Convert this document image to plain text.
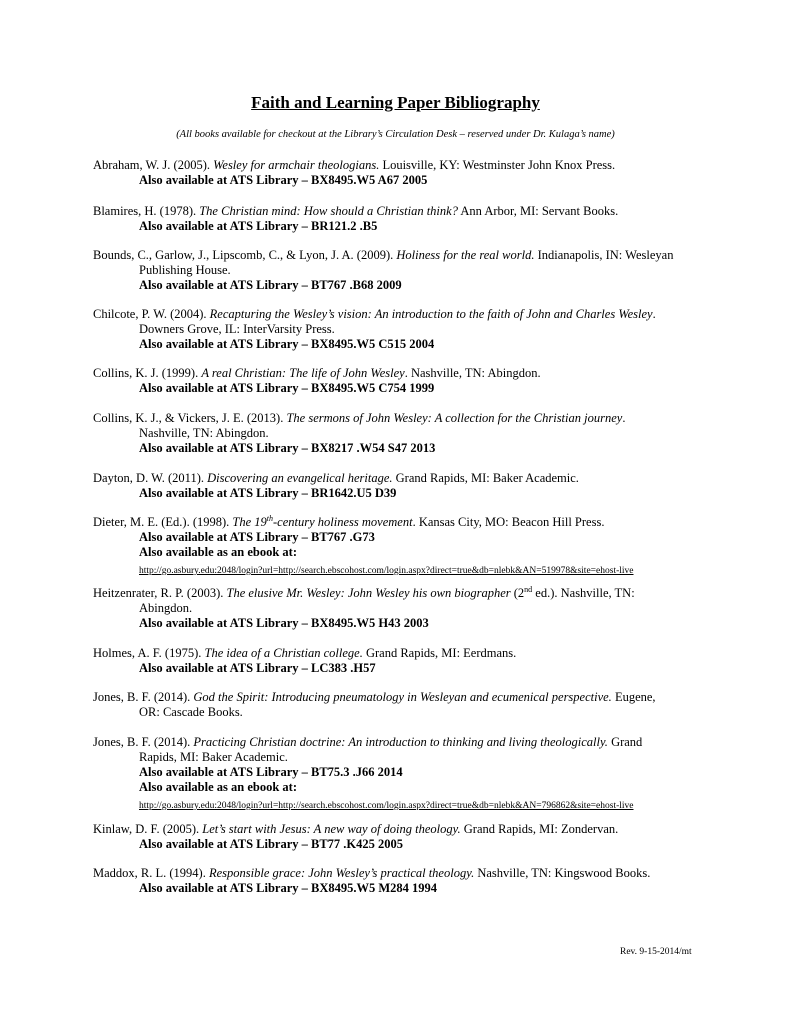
Faith and Learning Paper Bibliography
(All books available for checkout at the Library’s Circulation Desk – reserved under Dr. Kulaga’s name)
Abraham, W. J. (2005). Wesley for armchair theologians. Louisville, KY: Westminster John Knox Press.
Also available at ATS Library – BX8495.W5 A67 2005
Blamires, H. (1978). The Christian mind: How should a Christian think? Ann Arbor, MI: Servant Books.
Also available at ATS Library – BR121.2 .B5
Bounds, C., Garlow, J., Lipscomb, C., & Lyon, J. A. (2009). Holiness for the real world. Indianapolis, IN: Wesleyan
Publishing House.
Also available at ATS Library – BT767 .B68 2009
Chilcote, P. W. (2004). Recapturing the Wesley’s vision: An introduction to the faith of John and Charles Wesley.
Downers Grove, IL: InterVarsity Press.
Also available at ATS Library – BX8495.W5 C515 2004
Collins, K. J. (1999). A real Christian: The life of John Wesley. Nashville, TN: Abingdon.
Also available at ATS Library – BX8495.W5 C754 1999
Collins, K. J., & Vickers, J. E. (2013). The sermons of John Wesley: A collection for the Christian journey.
Nashville, TN: Abingdon.
Also available at ATS Library – BX8217 .W54 S47 2013
Dayton, D. W. (2011). Discovering an evangelical heritage. Grand Rapids, MI: Baker Academic.
Also available at ATS Library – BR1642.U5 D39
Dieter, M. E. (Ed.). (1998). The 19th-century holiness movement. Kansas City, MO: Beacon Hill Press.
Also available at ATS Library – BT767 .G73
Also available as an ebook at:
http://go.asbury.edu:2048/login?url=http://search.ebscohost.com/login.aspx?direct=true&db=nlebk&AN=519978&site=ehost-live
Heitzenrater, R. P. (2003). The elusive Mr. Wesley: John Wesley his own biographer (2nd ed.). Nashville, TN:
Abingdon.
Also available at ATS Library – BX8495.W5 H43 2003
Holmes, A. F. (1975). The idea of a Christian college. Grand Rapids, MI: Eerdmans.
Also available at ATS Library – LC383 .H57
Jones, B. F. (2014). God the Spirit: Introducing pneumatology in Wesleyan and ecumenical perspective. Eugene,
OR: Cascade Books.
Jones, B. F. (2014). Practicing Christian doctrine: An introduction to thinking and living theologically. Grand
Rapids, MI: Baker Academic.
Also available at ATS Library – BT75.3 .J66 2014
Also available as an ebook at:
http://go.asbury.edu:2048/login?url=http://search.ebscohost.com/login.aspx?direct=true&db=nlebk&AN=796862&site=ehost-live
Kinlaw, D. F. (2005). Let’s start with Jesus: A new way of doing theology. Grand Rapids, MI: Zondervan.
Also available at ATS Library – BT77 .K425 2005
Maddox, R. L. (1994). Responsible grace: John Wesley’s practical theology. Nashville, TN: Kingswood Books.
Also available at ATS Library – BX8495.W5 M284 1994
Rev. 9-15-2014/mt
